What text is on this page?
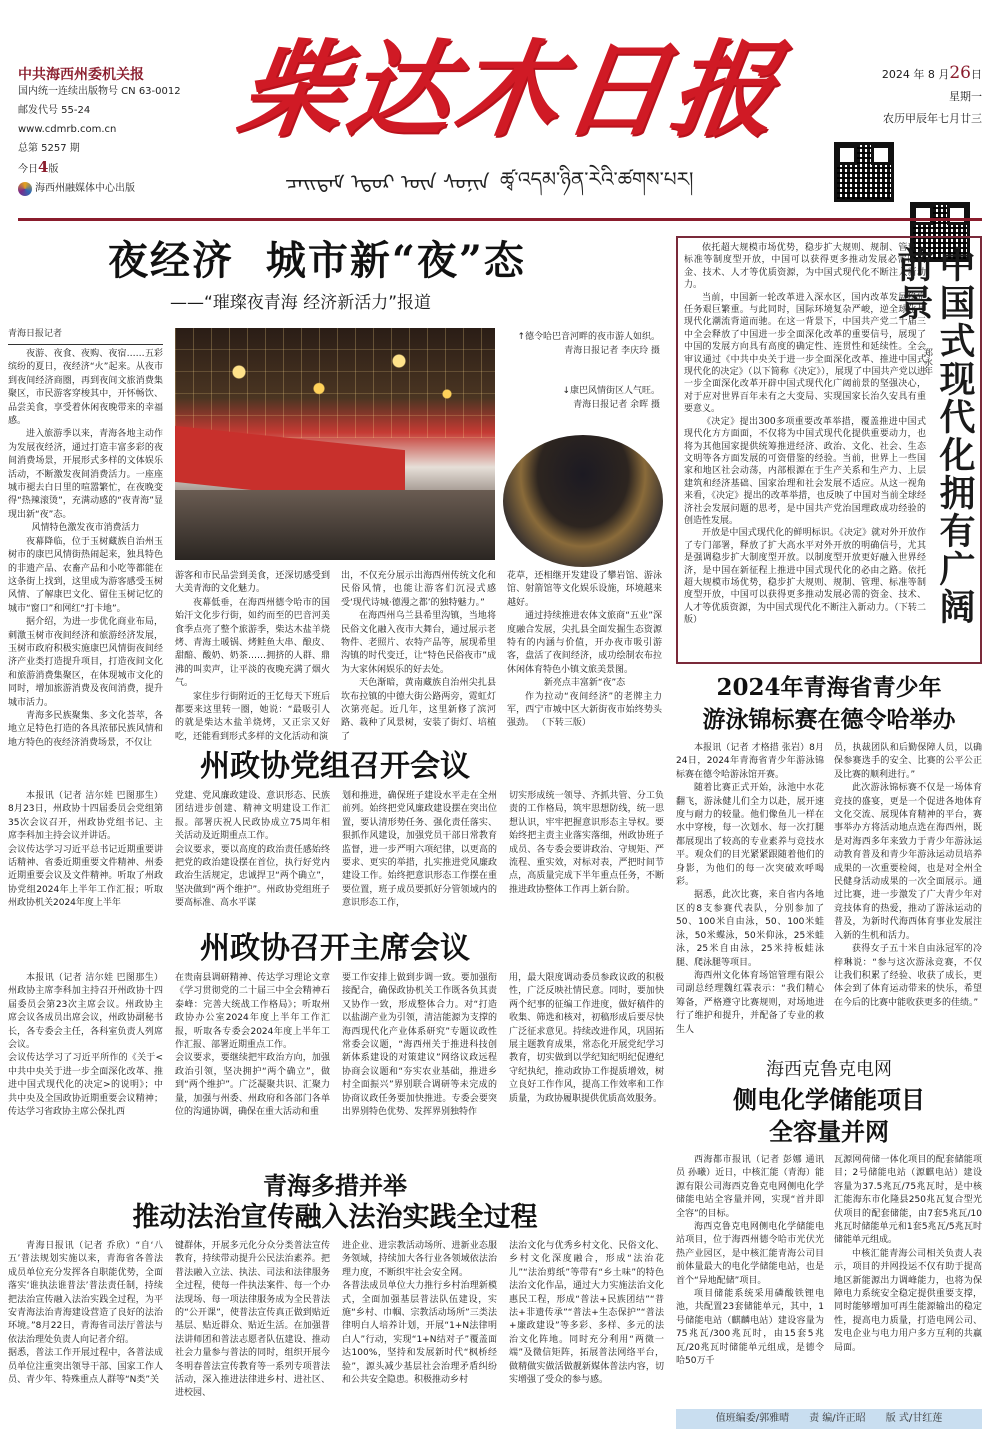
中共海西州委机关报
国内统一连续出版物号 CN 63-0012
邮发代号 55-24
www.cdmrb.com.cn
总第 5257 期
今日4版
海西州融媒体中心出版
柴达木日报
ᠴᠠᠢᠳᠠᠮ ᠡᠳᠦᠷ ᠦᠨ ᠰᠣᠨᠢᠨ ཚྭ་འདམ་ཉིན་རེའི་ཚགས་པར།
2024 年 8 月26日
星期一
农历甲辰年七月廿三
夜经济  城市新“夜”态
——“璀璨夜青海 经济新活力”报道
青海日报记者

夜游、夜食、夜购、夜宿……五彩缤纷的夏日，夜经济“火”起来。从夜市到夜间经济商圈，再到夜间文旅消费集聚区，市民游客穿梭其中，开怀畅饮、品尝美食，享受着休闲夜晚带来的幸福感。

进入旅游季以来，青海各地主动作为发展夜经济，通过打造丰富多彩的夜间消费场景，开展形式多样的文体娱乐活动，不断激发夜间消费活力。一座座城市褪去白日里的喧嚣繁忙，在夜晚变得“热辣滚烫”，充满动感的“夜青海”显现出新“夜”态。

风情特色激发夜市消费活力

夜幕降临，位于玉树藏族自治州玉树市的康巴风情街热闹起来，独具特色的非遗产品、农畜产品和小吃等都能在这条街上找到，这里成为游客感受玉树风情、了解康巴文化、留住玉树记忆的城市“窗口”和网红“打卡地”。

据介绍，为进一步优化商业布局，刺激玉树市夜间经济和旅游经济发展，玉树市政府积极实施康巴风情街夜间经济产业类打造提升项目，打造夜间文化和旅游消费集聚区，在体现城市文化的同时，增加旅游消费及夜间消费，提升城市活力。

青海多民族聚集、多文化荟萃，各地立足特色打造的各具浓郁民族风情和地方特色的夜经济消费场景，不仅让

↑德令哈巴音河畔的夜市游人如织。
青海日报记者 李庆玲 摄
↓康巴风情街区人气旺。
青海日报记者 余晖 摄

游客和市民品尝到美食，还深切感受到大美青海的文化魅力。

夜幕低垂，在海西州德令哈市的国始汗文化步行街，如约而至的巴音河美食季点亮了整个旅游季，柴达木盐羊烧烤、青海土暖锅、烤鲑鱼大串、酿皮、甜醅、酸奶、奶茶……拥挤的人群、鼎沸的叫卖声，让平淡的夜晚充满了烟火气。

家住步行街附近的王忆每天下班后都要来这里转一圈，她说：“最吸引人的就是柴达木盐羊烧烤，又正宗又好吃，还能看到形式多样的文化活动和演

出，不仅充分展示出海西州传统文化和民俗风情，也能让游客们沉浸式感受‘现代诗城·德漫之都’的独特魅力。”

在海西州乌兰县希里沟镇，当地将民俗文化融入夜市大舞台，通过展示老物件、老照片、农特产品等，展现希里沟镇的时代变迁，让“特色民俗夜市”成为大家休闲娱乐的好去处。

天色渐暗，黄南藏族自治州尖扎县坎布拉镇的中德大街公路两旁，霓虹灯次第亮起。近几年，这里新修了滨河路、栽种了风景树，安装了街灯、培植了

花草，还相继开发建设了攀岩馆、游泳馆、射箭馆等文化娱乐设施，环境越来越好。

通过持续推进农体文旅商“五业”深度融合发展，尖扎县全面发掘生态资源特有的内涵与价值，开办夜市吸引游客，盘活了夜间经济，成功绘制农布拉休闲体育特色小镇文旅美景图。

新亮点丰富新“夜”态

作为拉动“夜间经济”的老牌主力军，西宁市城中区大新街夜市始终势头强劲。 （下转三版）

依托超大规模市场优势，稳步扩大规则、规制、管理、标准等制度型开放，中国可以获得更多推动发展必需的资金、技术、人才等优质资源，为中国式现代化不断注入新动力。

当前，中国新一轮改革进入深水区，国内改革发展稳定任务艰巨繁重。与此同时，国际环境复杂严峻，逆全球化与现代化潮流背道而驰。在这一背景下，中国共产党二十届三中全会释放了中国进一步全面深化改革的重要信号，展现了中国的发展方向具有高度的确定性、连贯性和延续性。全会审议通过《中共中央关于进一步全面深化改革、推进中国式现代化的决定》（以下简称《决定》），展现了中国共产党以进一步全面深化改革开辟中国式现代化广阔前景的坚强决心，对于应对世界百年未有之大变局、实现国家长治久安具有重要意义。

《决定》提出300多项重要改革举措，覆盖推进中国式现代化方方面面，不仅将为中国式现代化提供重要动力，也将为其他国家提供统筹推进经济、政治、文化、社会、生态文明等各方面发展的可资借鉴的经验。当前，世界上一些国家和地区社会动荡，内部根源在于生产关系和生产力、上层建筑和经济基础、国家治理和社会发展不适应。从这一视角来看，《决定》提出的改革举措，也反映了中国对当前全球经济社会发展问题的思考，是中国共产党治国理政成功经验的创造性发展。

开放是中国式现代化的鲜明标识。《决定》就对外开放作了专门部署，释放了扩大高水平对外开放的明确信号，尤其是强调稳步扩大制度型开放。以制度型开放更好融入世界经济，是中国在新征程上推进中国式现代化的必由之路。依托超大规模市场优势，稳步扩大规则、规制、管理、标准等制度型开放，中国可以获得更多推动发展必需的资金、技术、人才等优质资源，为中国式现代化不断注入新动力。（下转二版）	中国式现代化拥有广阔前景
郑永年
2024年青海省青少年
游泳锦标赛在德令哈举办

本报讯（记者 才格措 张岩）8月24日，2024年青海省青少年游泳锦标赛在德令哈游泳馆开赛。

随着比赛正式开始，泳池中水花翻飞，游泳健儿们全力以赴，展开速度与耐力的较量。他们像鱼儿一样在水中穿梭，每一次划水、每一次打腿都展现出了较高的专业素养与竞技水平。观众们的目光紧紧跟随着他们的身影，为他们的每一次突破欢呼喝彩。

据悉，此次比赛，来自省内各地区的8支参赛代表队，分别参加了50、100米自由泳，50、100米蛙泳，50米蝶泳，50米仰泳，25米蛙泳，25米自由泳，25米持板蛙泳腿、爬泳腿等项目。

海西州文化体育场馆管理有限公司副总经理魏红霖表示：“我们精心筹备，严格遵守比赛规则，对场地进行了维护和提升，并配备了专业的救生人

员，执裁团队和后勤保障人员，以确保参赛选手的安全、比赛的公平公正及比赛的顺利进行。”

此次游泳锦标赛不仅是一场体育竞技的盛宴，更是一个促进各地体育文化交流、展现体育精神的平台，赛事举办方将活动地点选在海西州，既是对海西多年来致力于青少年游泳运动教育普及和青少年游泳运动员培养成果的一次重要检阅，也是对全州全民健身活动成果的一次全面展示。通过比赛，进一步激发了广大青少年对竞技体育的热爱，推动了游泳运动的普及，为新时代海西体育事业发展注入新的生机和活力。

获得女子五十米自由泳冠军的冷梓琳说：“参与这次游泳竞赛，不仅让我们积累了经验、收获了成长，更体会到了体育运动带来的快乐，希望在今后的比赛中能收获更多的佳绩。”

海西克鲁克电网
侧电化学储能项目
全容量并网

西海都市报讯（记者 彭娜 通讯员 孙曦）近日，中核汇能（青海）能源有限公司海西克鲁克电网侧电化学储能电站全容量并网，实现“首并即全容”的目标。

海西克鲁克电网侧电化学储能电站项目，位于海西州德令哈市光伏光热产业园区，是中核汇能青海公司目前体量最大的电化学储能电站，也是首个“异地配储”项目。

项目储能系统采用磷酸铁锂电池，共配置23套储能单元，其中，1号储能电站（麒麟电站）建设容量为75兆瓦/300兆瓦时，由15套5兆瓦/20兆瓦时储能单元组成，是德令哈50万千

瓦源网荷储一体化项目的配套储能项目；2号储能电站（源麒电站）建设容量为37.5兆瓦/75兆瓦时，是中核汇能海东市化隆县250兆瓦复合型光伏项目的配套储能，由7套5兆瓦/10兆瓦时储能单元和1套5兆瓦/5兆瓦时储能单元组成。

中核汇能青海公司相关负责人表示，项目的并网投运不仅有助于提高地区新能源出力调峰能力，也将为保障电力系统安全稳定提供重要支撑，同时能够增加可再生能源输出的稳定性，提高电力质量，打造电网公司、发电企业与电力用户多方互利的共赢局面。

州政协党组召开会议
本报讯（记者 洁尔娃 巴图那生）8月23日，州政协十四届委员会党组第35次会议召开，州政协党组书记、主席李科加主持会议并讲话。
会议传达学习习近平总书记近期重要讲话精神、省委近期重要文件精神、州委近期重要会议及文件精神。听取了州政协党组2024年上半年工作汇报；听取州政协机关2024年度上半年
党建、党风廉政建设、意识形态、民族团结进步创建、精神文明建设工作汇报。部署庆祝人民政协成立75周年相关活动及近期重点工作。
会议要求，要以高度的政治责任感始终把党的政治建设摆在首位，执行好党内政治生活规定，忠诚捍卫“两个确立”，坚决做到“两个维护”。州政协党组班子要高标准、高水平谋
划和推进，确保班子建设水平走在全州前列。始终把党风廉政建设摆在突出位置，要认清形势任务、强化责任落实、狠抓作风建设，加强党员干部日常教育监督，进一步严明六项纪律，以更高的要求、更实的举措，扎实推进党风廉政建设工作。始终把意识形态工作摆在重要位置，班子成员要抓好分管领域内的意识形态工作，
切实形成统一领导、齐抓共管、分工负责的工作格局，筑牢思想防线，统一思想认识，牢牢把握意识形态主导权。要始终把主责主业落实落细，州政协班子成员、各专委会要讲政治、守规矩、严流程、重实效，对标对表，严把时间节点，高质量完成下半年重点任务，不断推进政协整体工作再上新台阶。
州政协召开主席会议
本报讯（记者 洁尔娃 巴图那生）州政协主席李科加主持召开州政协十四届委员会第23次主席会议。州政协主席会议各成员出席会议，州政协副秘书长，各专委会主任，各科室负责人列席会议。
会议传达学习了习近平所作的《关于<中共中央关于进一步全面深化改革、推进中国式现代化的决定>的说明》；中共中央及全国政协近期重要会议精神；传达学习省政协主席公保扎西
在贵南县调研精神、传达学习理论文章《学习贯彻党的二十届三中全会精神石泰峰：完善大统战工作格局》；听取州政协办公室2024年度上半年工作汇报，听取各专委会2024年度上半年工作汇报、部署近期重点工作。
会议要求，要继续把牢政治方向，加强政治引领，坚决拥护“两个确立”，做到“两个维护”。广泛凝聚共识、汇聚力量，加强与州委、州政府和各部门各单位的沟通协调，确保在重大活动和重
要工作安排上做到步调一致。要加强衔接配合，确保政协机关工作既各负其责又协作一致，形成整体合力。对“打造以盐湖产业为引领，清洁能源为支撑的海西现代化产业体系研究”专题议政性常委会议题，“海西州关于推进科技创新体系建设的对策建议”网络议政远程协商会议题和“夯实农业基础，推进乡村全面振兴”界别联合调研等未完成的协商议政任务要加快推进。专委会要突出界别特色优势、发挥界别独特作
用，最大限度调动委员参政议政的积极性，广泛反映社情民意。同时，要加快两个纪事的征编工作进度，做好稿件的收集、筛选和核对，初稿形成后要尽快广泛征求意见。持续改进作风，巩固拓展主题教育成果，常态化开展党纪学习教育，切实做到以学纪知纪明纪促遵纪守纪执纪，推动政协工作提质增效，树立良好工作作风，提高工作效率和工作质量，为政协履职提供优质高效服务。
青海多措并举
推动法治宣传融入法治实践全过程
青海日报讯（记者 乔欣）“自‘八五’普法规划实施以来，青海省各普法成员单位充分发挥各自职能优势，全面落实‘谁执法谁普法’普法责任制，持续把法治宣传融入法治实践全过程，为平安青海法治青海建设营造了良好的法治环境。”8月22日，青海省司法厅普法与依法治理处负责人向记者介绍。
据悉，普法工作开展过程中，各普法成员单位注重突出领导干部、国家工作人员、青少年、特殊重点人群等“N类”关
键群体，开展多元化分众分类普法宣传教育，持续带动提升公民法治素养。把普法融入立法、执法、司法和法律服务全过程，使每一件执法案件、每一个办法现场、每一项法律服务成为全民普法的“公开课”，使普法宣传真正做到贴近基层、贴近群众、贴近生活。在加强普法讲师团和普法志愿者队伍建设、推动社会力量参与普法的同时，组织开展今冬明春普法宣传教育等一系列专项普法活动，深入推进法律进乡村、进社区、进校园、
进企业、进宗教活动场所、进新业态服务领域，持续加大各行业各领域依法治理力度，不断织牢社会安全网。
各普法成员单位大力推行乡村治理新模式，全面加强基层普法队伍建设，实施“乡村、巾帼、宗教活动场所”三类法律明白人培养计划，开展“1+N法律明白人”行动，实现“1+N结对子”覆盖面达100%，坚持和发展新时代“枫桥经验”，源头减少基层社会治理矛盾纠纷和公共安全隐患。积极推动乡村
法治文化与优秀乡村文化、民俗文化、乡村文化深度融合，形成“法治花儿”“法治剪纸”等带有“乡土味”的特色法治文化作品，通过大力实施法治文化惠民工程，形成“普法+民族团结”“普法+非遗传承”“普法+生态保护”“普法+廉政建设”等多彩、多样、多元的法治文化阵地。同时充分利用“两微一端”及微信矩阵，拓展普法网络平台，做精做实做活做靓新媒体普法内容，切实增强了受众的参与感。
值班编委/郭雅晴 责 编/许正昭 版 式/甘红莲
